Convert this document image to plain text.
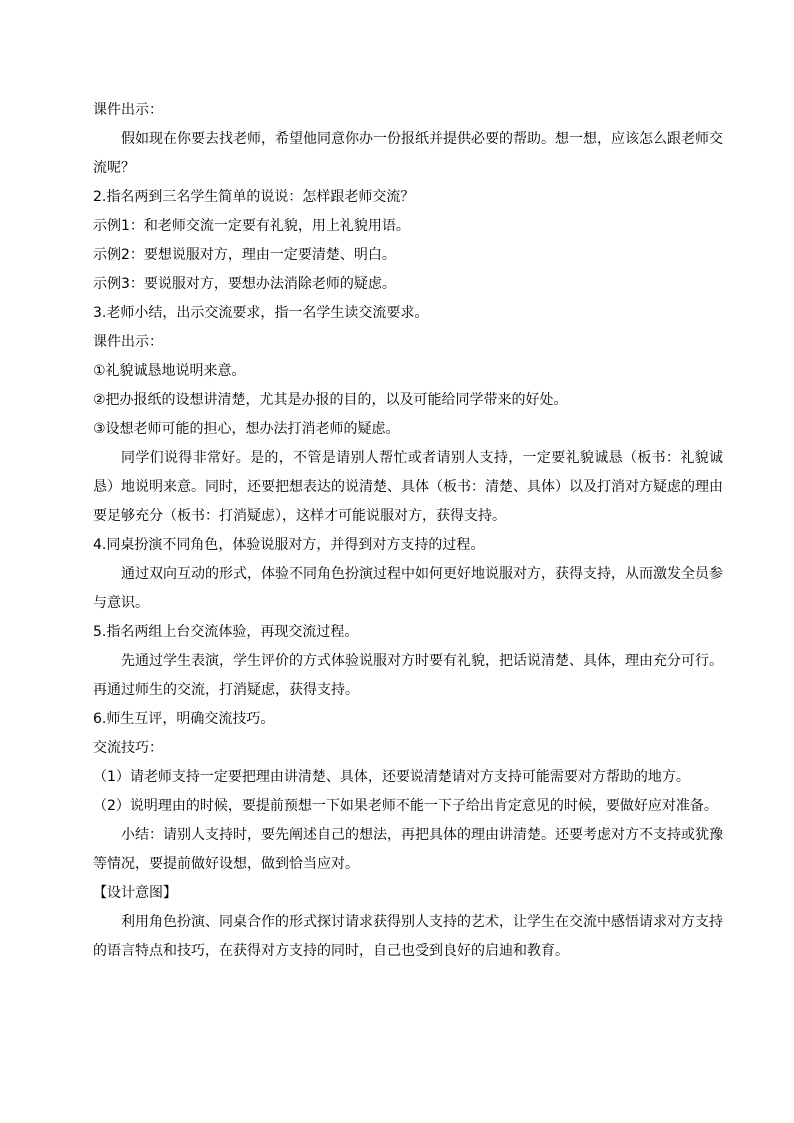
课件出示：

假如现在你要去找老师，希望他同意你办一份报纸并提供必要的帮助。想一想，应该怎么跟老师交流呢？

2.指名两到三名学生简单的说说：怎样跟老师交流？

示例1：和老师交流一定要有礼貌，用上礼貌用语。

示例2：要想说服对方，理由一定要清楚、明白。

示例3：要说服对方，要想办法消除老师的疑虑。

3.老师小结，出示交流要求，指一名学生读交流要求。

课件出示：

①礼貌诚恳地说明来意。

②把办报纸的设想讲清楚，尤其是办报的目的，以及可能给同学带来的好处。

③设想老师可能的担心，想办法打消老师的疑虑。

同学们说得非常好。是的，不管是请别人帮忙或者请别人支持，一定要礼貌诚恳（板书：礼貌诚恳）地说明来意。同时，还要把想表达的说清楚、具体（板书：清楚、具体）以及打消对方疑虑的理由要足够充分（板书：打消疑虑），这样才可能说服对方，获得支持。

4.同桌扮演不同角色，体验说服对方，并得到对方支持的过程。

通过双向互动的形式，体验不同角色扮演过程中如何更好地说服对方，获得支持，从而激发全员参与意识。

5.指名两组上台交流体验，再现交流过程。

先通过学生表演，学生评价的方式体验说服对方时要有礼貌，把话说清楚、具体，理由充分可行。再通过师生的交流，打消疑虑，获得支持。

6.师生互评，明确交流技巧。

交流技巧：

（1）请老师支持一定要把理由讲清楚、具体，还要说清楚请对方支持可能需要对方帮助的地方。

（2）说明理由的时候，要提前预想一下如果老师不能一下子给出肯定意见的时候，要做好应对准备。

小结：请别人支持时，要先阐述自己的想法，再把具体的理由讲清楚。还要考虑对方不支持或犹豫等情况，要提前做好设想，做到恰当应对。

【设计意图】

利用角色扮演、同桌合作的形式探讨请求获得别人支持的艺术，让学生在交流中感悟请求对方支持的语言特点和技巧，在获得对方支持的同时，自己也受到良好的启迪和教育。
